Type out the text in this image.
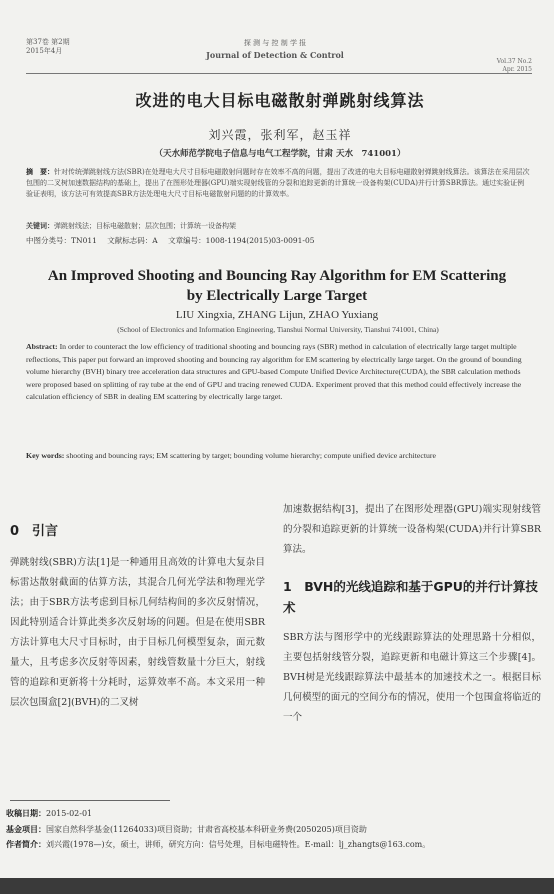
第37卷 第2期
2015年4月
探 测 与 控 制 学 报
Journal of Detection & Control
Vol.37 No.2
Apr. 2015
改进的电大目标电磁散射弹跳射线算法
刘兴霞，张利军，赵玉祥
（天水师范学院电子信息与电气工程学院，甘肃 天水　741001）
摘　要：针对传统弹跳射线方法(SBR)在处理电大尺寸目标电磁散射问题时存在效率不高的问题，提出了改进的电大目标电磁散射弹跳射线算法。该算法在采用层次包围的二叉树加速数据结构的基础上，提出了在图形处理器(GPU)端实现射线管的分裂和追踪更新的计算统一设备构架(CUDA)并行计算SBR算法。通过实验证例验证表明，该方法可有效提高SBR方法处理电大尺寸目标电磁散射问题的的计算效率。
关键词：弹跳射线法；目标电磁散射；层次包围；计算统一设备构架
中图分类号：TN011 文献标志码：A 文章编号：1008-1194(2015)03-0091-05
An Improved Shooting and Bouncing Ray Algorithm for EM Scattering by Electrically Large Target
LIU Xingxia, ZHANG Lijun, ZHAO Yuxiang
(School of Electronics and Information Engineering, Tianshui Normal University, Tianshui 741001, China)
Abstract: In order to counteract the low efficiency of traditional shooting and bouncing rays (SBR) method in calculation of electrically large target multiple reflections, This paper put forward an improved shooting and bouncing ray algorithm for EM scattering by electrically large target. On the ground of bounding volume hierarchy (BVH) binary tree acceleration data structures and GPU-based Compute Unified Device Architecture(CUDA), the SBR calculation methods were proposed based on splitting of ray tube at the end of GPU and tracing renewed CUDA. Experiment proved that this method could effectively increase the calculation efficiency of SBR in dealing EM scattering by electrically large target.
Key words: shooting and bouncing rays; EM scattering by target; bounding volume hierarchy; compute unified device architecture
0　引言
弹跳射线(SBR)方法[1]是一种通用且高效的计算电大复杂目标雷达散射截面的估算方法，其混合几何光学法和物理光学法；由于SBR方法考虑到目标几何结构间的多次反射情况，因此特别适合计算此类多次反射场的问题。但是在使用SBR方法计算电大尺寸目标时，由于目标几何模型复杂，面元数量大，且考虑多次反射等因素，射线管数量十分巨大，射线管的追踪和更新将十分耗时，运算效率不高。本文采用一种层次包围盒[2](BVH)的二叉树
加速数据结构[3]，提出了在图形处理器(GPU)端实现射线管的分裂和追踪更新的计算统一设备构架(CUDA)并行计算SBR算法。
1　BVH的光线追踪和基于GPU的并行计算技术
SBR方法与图形学中的光线跟踪算法的处理思路十分相似，主要包括射线管分裂，追踪更新和电磁计算这三个步骤[4]。BVH树是光线跟踪算法中最基本的加速技术之一。根据目标几何模型的面元的空间分布的情况，使用一个包围盒将临近的一个
收稿日期：2015-02-01
基金项目：国家自然科学基金(11264033)项目资助；甘肃省高校基本科研业务费(2050205)项目资助
作者简介：刘兴霞(1978—)女，硕士，讲师，研究方向：信号处理，目标电磁特性。E-mail：lj_zhangts@163.com。
